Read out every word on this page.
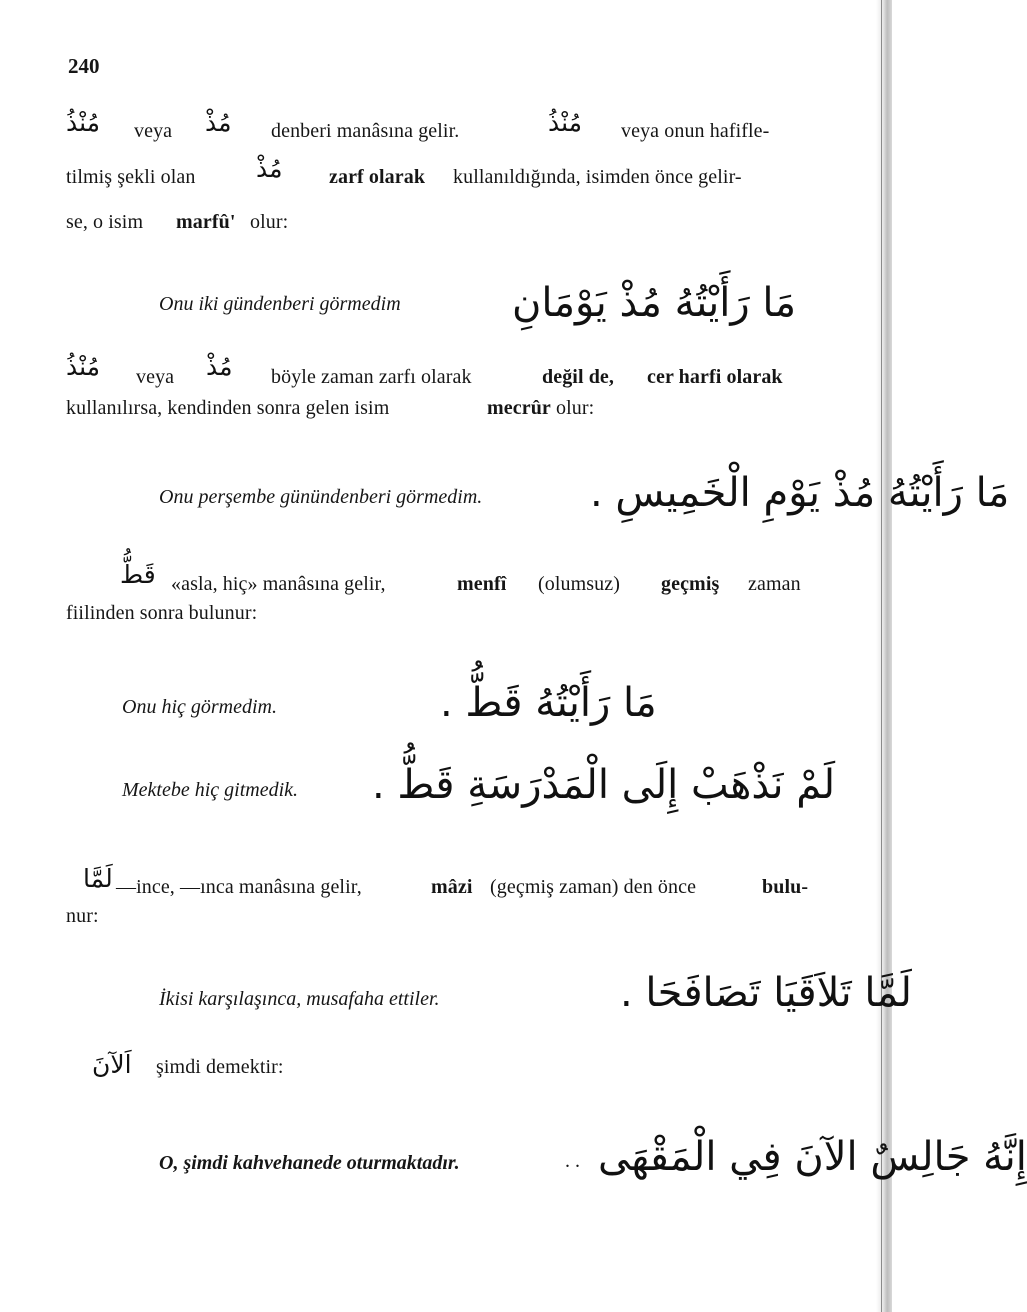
240
مُنْذُ veya مُذْ denberi manâsına gelir.	مُنْذُ veya onun hafifle-
tilmiş şekli olan مُذْ zarf olarak kullanıldığında, isimden önce gelir-
se, o isim marfû' olur:
Onu iki gündenberi görmedim	مَا رَأَيْتُهُ مُذْ يَوْمَانِ
مُنْذُ veya مُذْ böyle zaman zarfı olarak	değil de, cer harfi olarak
kullanılırsa, kendinden sonra gelen isim	mecrûr olur:
Onu perşembe günündenberi görmedim.	مَا رَأَيْتُهُ مُذْ يَوْمِ الْخَمِيسِ .
قَطُّ «asla, hiç» manâsına gelir,	menfî (olumsuz) geçmiş zaman
fiilinden sonra bulunur:
Onu hiç görmedim.	مَا رَأَيْتُهُ قَطُّ .
Mektebe hiç gitmedik. لَمْ نَذْهَبْ إِلَى الْمَدْرَسَةِ قَطُّ .
لَمَّا —ince, —ınca manâsına gelir,	mâzi (geçmiş zaman) den önce	bulu-
nur:
İkisi karşılaşınca, musafaha ettiler.	لَمَّا تَلاَقَيَا تَصَافَحَا .
اَلآنَ şimdi demektir:
O, şimdi kahvehanede oturmaktadır.	. . إِنَّهُ جَالِسٌ الآنَ فِي الْمَقْهَى
